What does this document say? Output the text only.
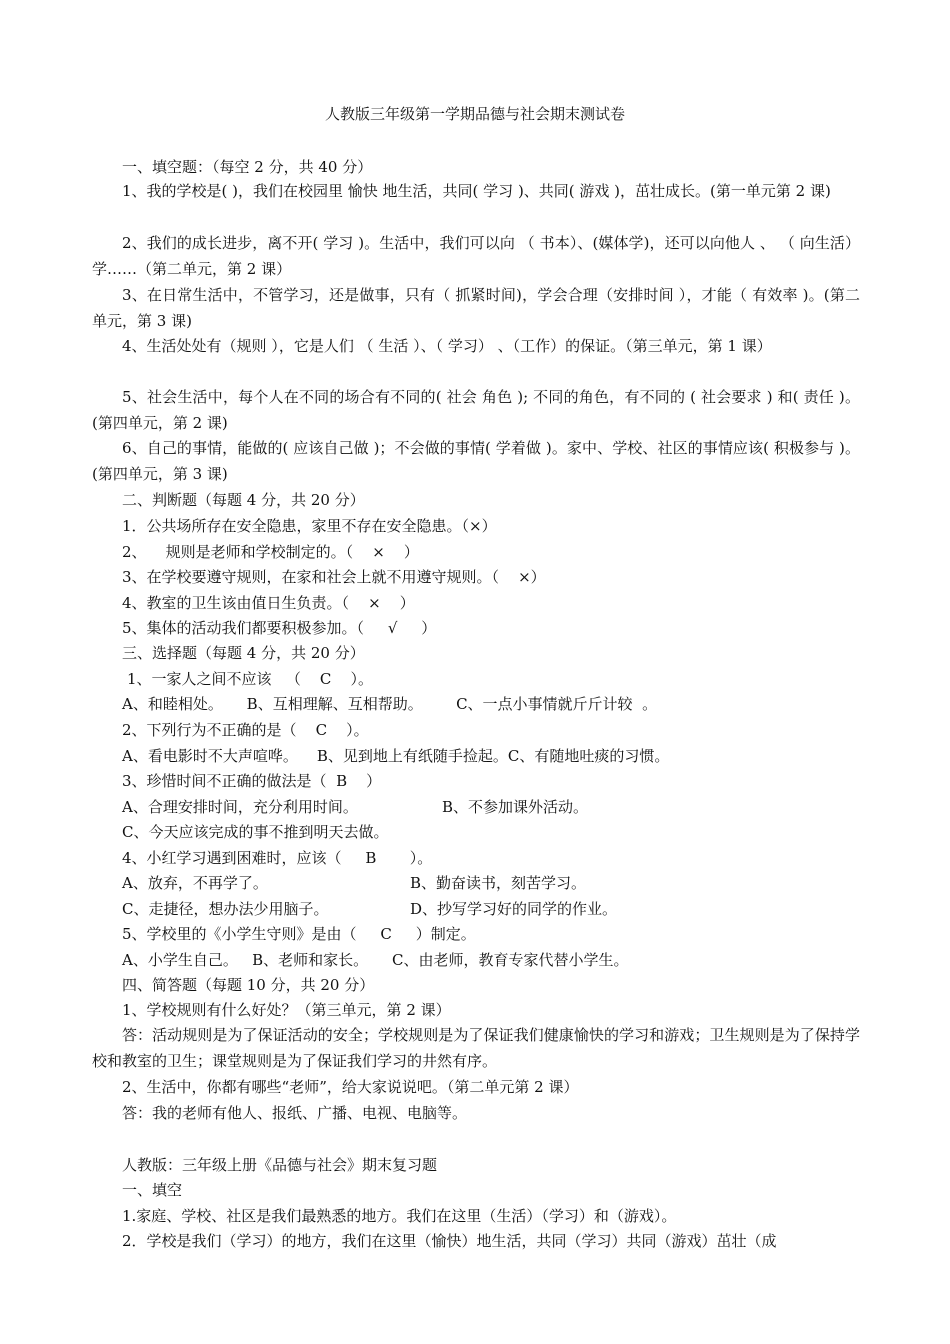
人教版三年级第一学期品德与社会期末测试卷
一、填空题：（每空 2 分，共 40 分）
1、我的学校是( )，我们在校园里 愉快 地生活，共同( 学习 )、共同( 游戏 )，茁壮成长。(第一单元第 2 课)
2、我们的成长进步，离不开( 学习 )。生活中，我们可以向 （ 书本）、(媒体学)，还可以向他人 、 （ 向生活）学……（第二单元，第 2 课）
3、在日常生活中，不管学习，还是做事，只有（ 抓紧时间)，学会合理（安排时间 ），才能（ 有效率 )。(第二单元，第 3 课)
4、生活处处有（规则 ），它是人们 （ 生活 ）、（ 学习） 、（工作）的保证。（第三单元，第 1 课）
5、社会生活中，每个人在不同的场合有不同的( 社会 角色 ); 不同的角色，有不同的 ( 社会要求 ) 和( 责任 )。(第四单元，第 2 课)
6、自己的事情，能做的( 应该自己做 )；不会做的事情( 学着做 )。家中、学校、社区的事情应该( 积极参与 )。(第四单元，第 3 课)
二、判断题（每题 4 分，共 20 分）
1．公共场所存在安全隐患，家里不存在安全隐患。（×）
2、    规则是老师和学校制定的。（    ×    ）
3、在学校要遵守规则，在家和社会上就不用遵守规则。（    ×）
4、教室的卫生该由值日生负责。（    ×    ）
5、集体的活动我们都要积极参加。（     √     ）
三、选择题（每题 4 分，共 20 分）
1、一家人之间不应该   （    C    ）。
A、和睦相处。     B、互相理解、互相帮助。       C、一点小事情就斤斤计较  。
2、下列行为不正确的是（    C    ）。
A、看电影时不大声喧哗。    B、见到地上有纸随手捡起。C、有随地吐痰的习惯。
3、珍惜时间不正确的做法是（  B    ）
A、合理安排时间，充分利用时间。	B、不参加课外活动。
C、今天应该完成的事不推到明天去做。
4、小红学习遇到困难时，应该（     B       ）。
A、放弃，不再学了。	B、勤奋读书，刻苦学习。
C、走捷径，想办法少用脑子。	D、抄写学习好的同学的作业。
5、学校里的《小学生守则》是由（     C     ）制定。
A、小学生自己。   B、老师和家长。     C、由老师，教育专家代替小学生。
四、简答题（每题 10 分，共 20 分）
1、学校规则有什么好处？（第三单元，第 2 课）
答：活动规则是为了保证活动的安全；学校规则是为了保证我们健康愉快的学习和游戏；卫生规则是为了保持学校和教室的卫生；课堂规则是为了保证我们学习的井然有序。
2、生活中，你都有哪些“老师”，给大家说说吧。（第二单元第 2 课）
答：我的老师有他人、报纸、广播、电视、电脑等。
人教版：三年级上册《品德与社会》期末复习题
一、填空
1.家庭、学校、社区是我们最熟悉的地方。我们在这里（生活）（学习）和（游戏）。
2．学校是我们（学习）的地方，我们在这里（愉快）地生活，共同（学习）共同（游戏）茁壮（成
